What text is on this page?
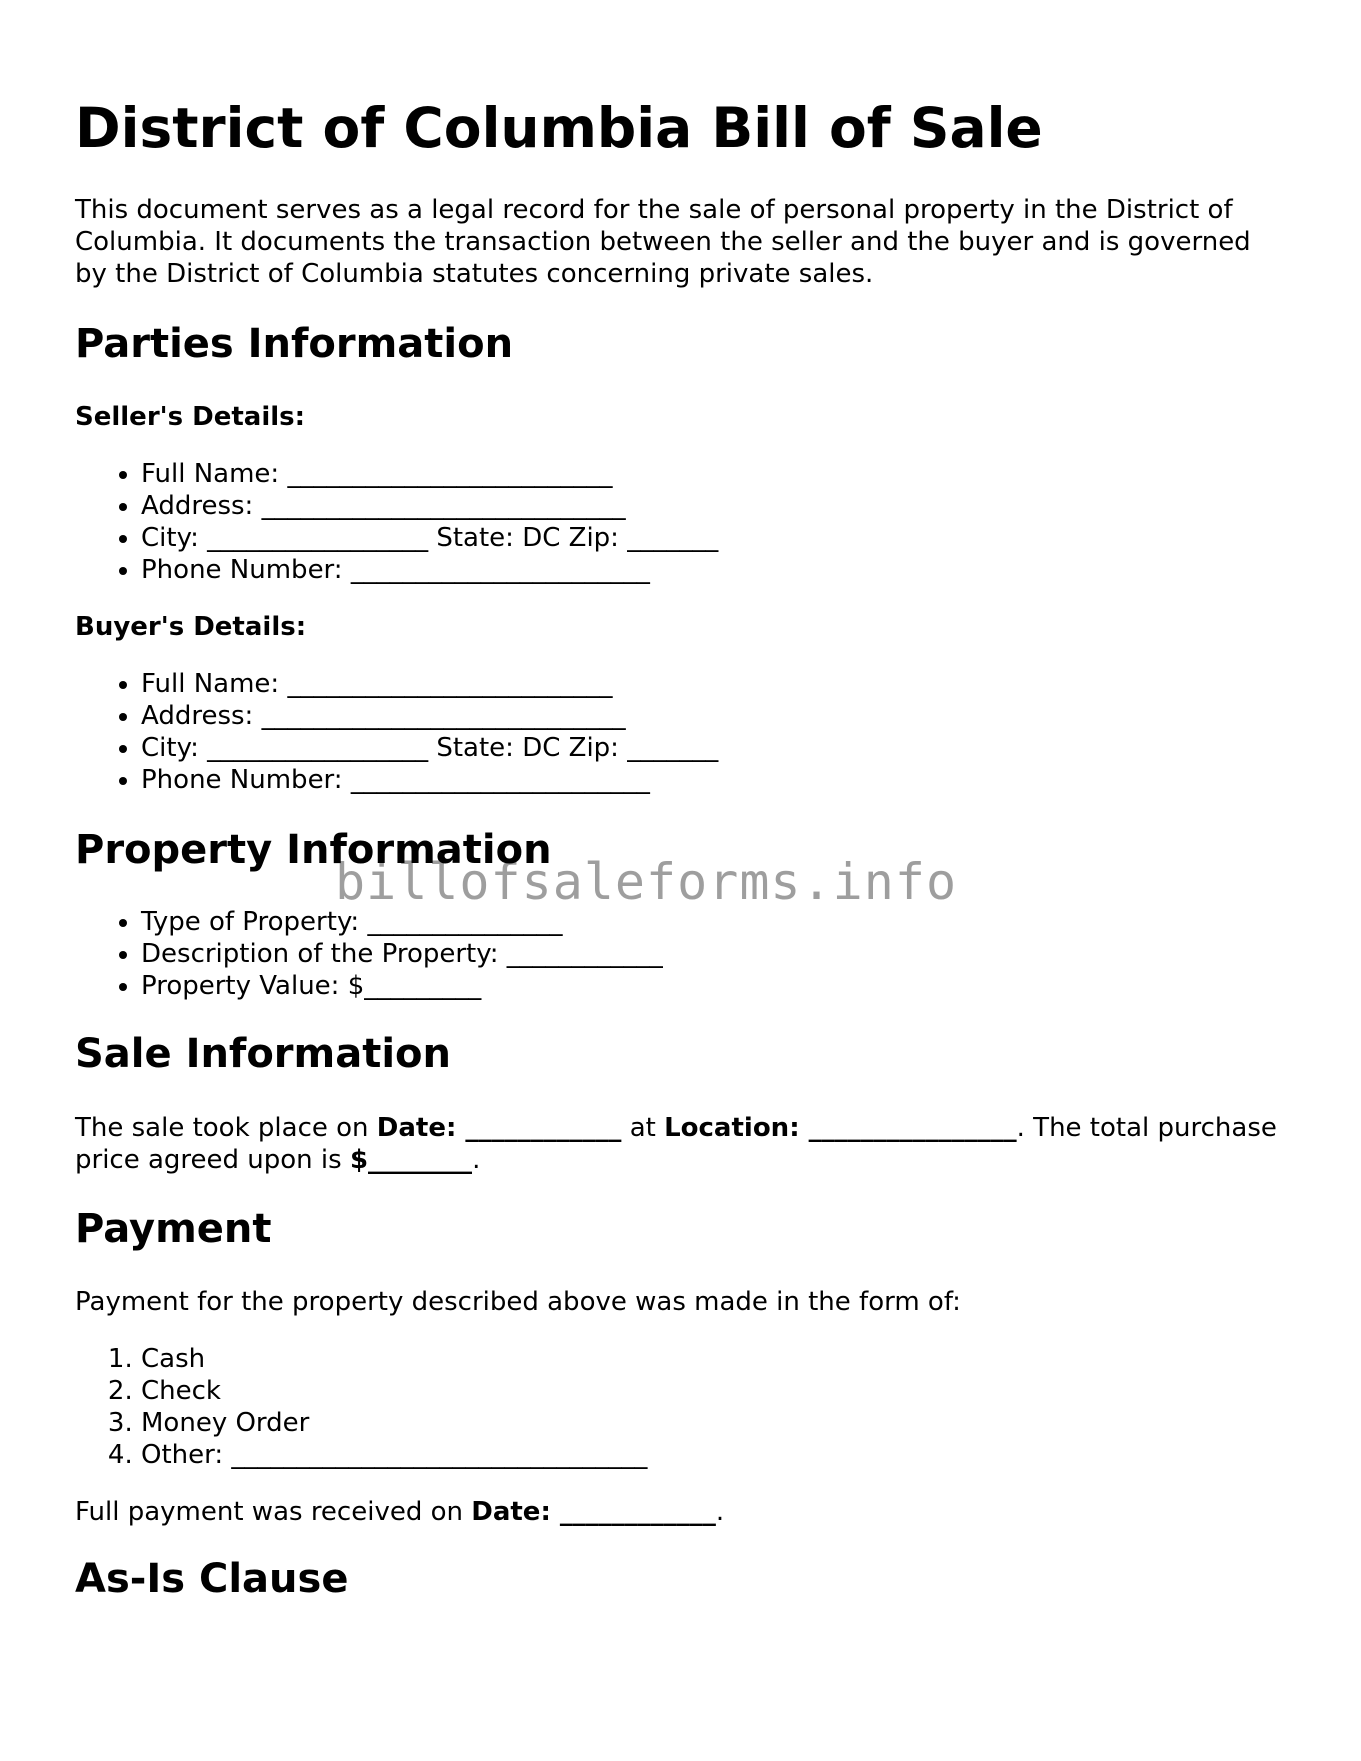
District of Columbia Bill of Sale

This document serves as a legal record for the sale of personal property in the District of Columbia. It documents the transaction between the seller and the buyer and is governed by the District of Columbia statutes concerning private sales.

Parties Information
Seller's Details:
• Full Name: _________________________
• Address: ____________________________
• City: _________________ State: DC Zip: _______
• Phone Number: _______________________
Buyer's Details:
• Full Name: _________________________
• Address: ____________________________
• City: _________________ State: DC Zip: _______
• Phone Number: _______________________
Property Information
• Type of Property: _______________
• Description of the Property: ____________
• Property Value: $_________
Sale Information

The sale took place on Date: ____________ at Location: ________________. The total purchase price agreed upon is $________.

Payment

Payment for the property described above was made in the form of:

1. Cash
2. Check
3. Money Order
4. Other: ________________________________

Full payment was received on Date: ____________.

As-Is Clause
billofsaleforms.info
